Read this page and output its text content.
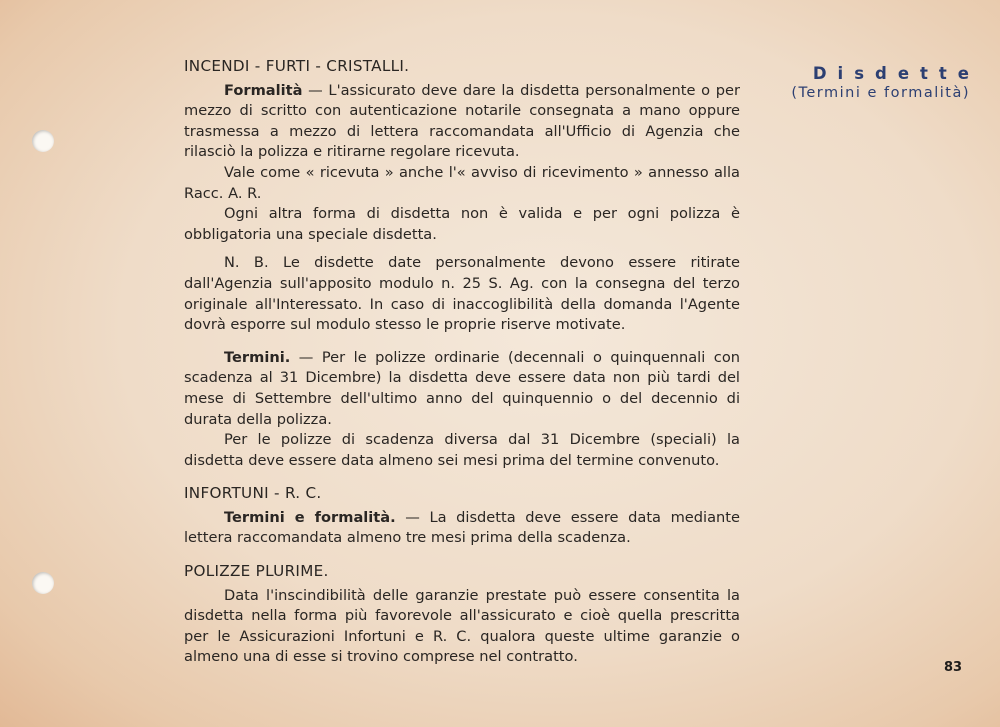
Disdette
(Termini e formalità)

INCENDI - FURTI - CRISTALLI.

Formalità — L'assicurato deve dare la disdetta personalmente o per mezzo di scritto con autenticazione notarile consegnata a mano oppure trasmessa a mezzo di lettera raccomandata all'Ufficio di Agenzia che rilasciò la polizza e ritirarne regolare ricevuta.

Vale come « ricevuta » anche l'« avviso di ricevimento » annesso alla Racc. A. R.

Ogni altra forma di disdetta non è valida e per ogni polizza è obbligatoria una speciale disdetta.

N. B. Le disdette date personalmente devono essere ritirate dall'Agenzia sull'apposito modulo n. 25 S. Ag. con la consegna del terzo originale all'Interessato. In caso di inaccoglibilità della domanda l'Agente dovrà esporre sul modulo stesso le proprie riserve motivate.

Termini. — Per le polizze ordinarie (decennali o quinquennali con scadenza al 31 Dicembre) la disdetta deve essere data non più tardi del mese di Settembre dell'ultimo anno del quinquennio o del decennio di durata della polizza.

Per le polizze di scadenza diversa dal 31 Dicembre (speciali) la disdetta deve essere data almeno sei mesi prima del termine convenuto.

INFORTUNI - R. C.

Termini e formalità. — La disdetta deve essere data mediante lettera raccomandata almeno tre mesi prima della scadenza.

POLIZZE PLURIME.

Data l'inscindibilità delle garanzie prestate può essere consentita la disdetta nella forma più favorevole all'assicurato e cioè quella prescritta per le Assicurazioni Infortuni e R. C. qualora queste ultime garanzie o almeno una di esse si trovino comprese nel contratto.

83
